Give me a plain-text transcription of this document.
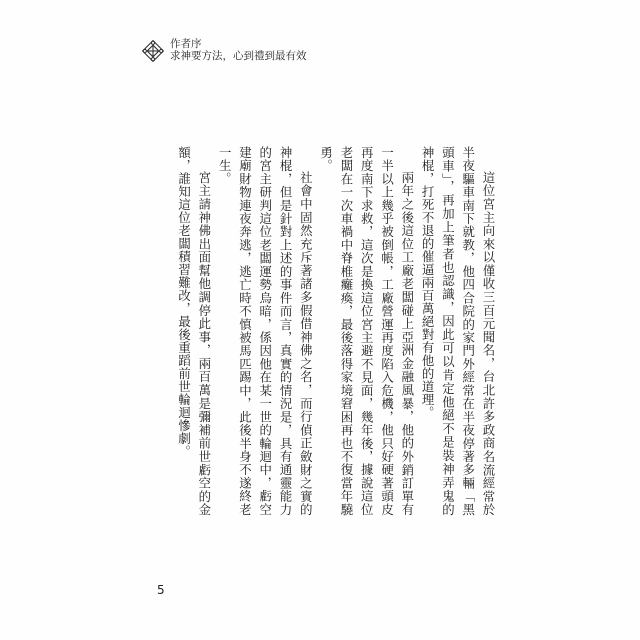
作者序
求神要方法，心到禮到最有效

這位宮主向來以僅收三百元聞名，台北許多政商名流經常於半夜驅車南下就教，他四合院的家門外經常在半夜停著多輛「黑頭車」，再加上筆者也認識，因此可以肯定他絕不是裝神弄鬼的神棍，打死不退的催逼兩百萬絕對有他的道理。

兩年之後這位工廠老闆碰上亞洲金融風暴，他的外銷訂單有一半以上幾乎被倒帳，工廠營運再度陷入危機，他只好硬著頭皮再度南下求救，這次是換這位宮主避不見面，幾年後，據說這位老闆在一次車禍中脊椎癱瘓，最後落得家境窘困再也不復當年驍勇。

社會中固然充斥著諸多假借神佛之名，而行偵正斂財之實的神棍，但是針對上述的事件而言，真實的情況是，具有通靈能力的宮主研判這位老闆運勢烏暗，係因他在某一世的輪迴中，虧空建廟財物連夜奔逃，逃亡時不慎被馬匹踢中，此後半身不遂終老一生。

宮主請神佛出面幫他調停此事，兩百萬是彌補前世虧空的金額，誰知這位老闆積習難改，最後重蹈前世輪迴慘劇。

5
